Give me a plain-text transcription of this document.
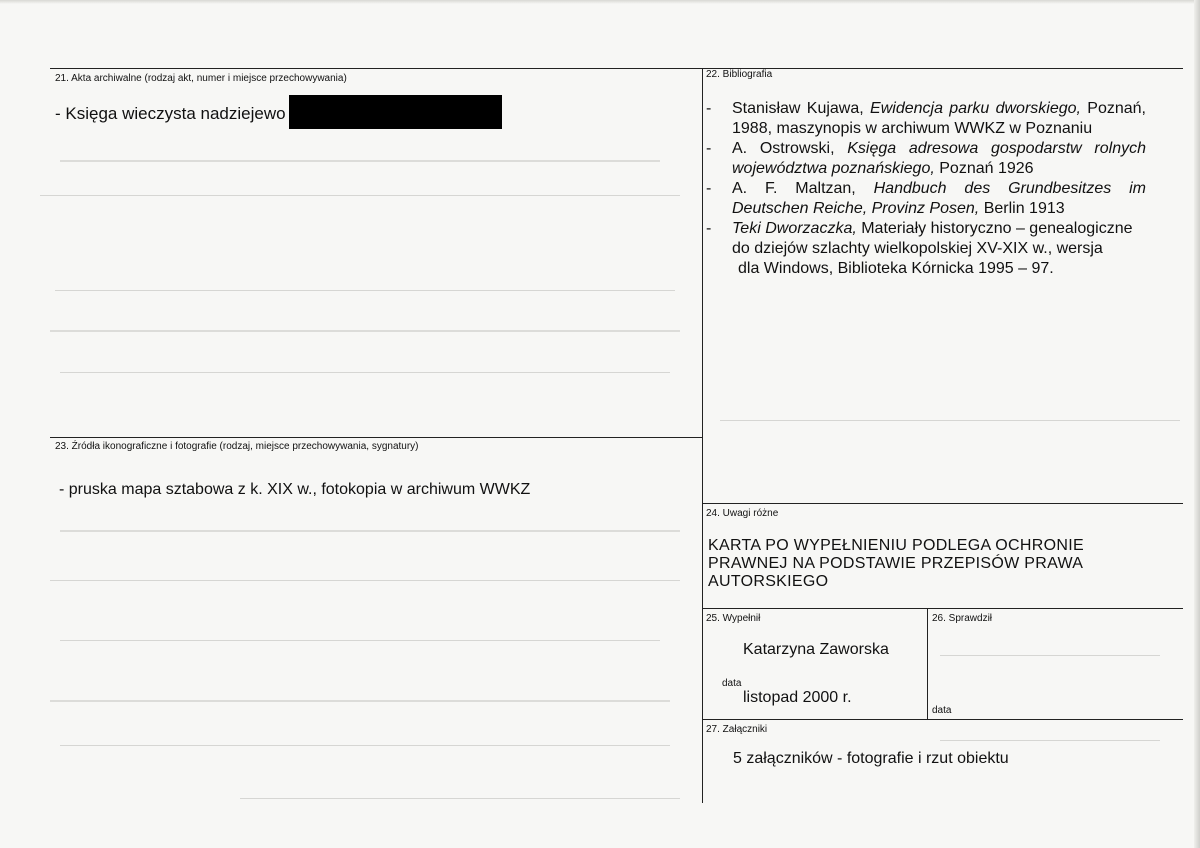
21. Akta archiwalne (rodzaj akt, numer i miejsce przechowywania)
- Księga wieczysta nadziejewo
22. Bibliografia
- Stanisław Kujawa, Ewidencja parku dworskiego, Poznań, 1988, maszynopis w archiwum WWKZ w Poznaniu
- A. Ostrowski, Księga adresowa gospodarstw rolnych województwa poznańskiego, Poznań 1926
- A. F. Maltzan, Handbuch des Grundbesitzes im Deutschen Reiche, Provinz Posen, Berlin 1913
- Teki Dworzaczka, Materiały historyczno – genealogiczne
do dziejów szlachty wielkopolskiej XV-XIX w., wersja
dla Windows, Biblioteka Kórnicka 1995 – 97.
23. Źródła ikonograficzne i fotografie (rodzaj, miejsce przechowywania, sygnatury)
- pruska mapa sztabowa z k. XIX w., fotokopia w archiwum WWKZ
24. Uwagi różne
KARTA PO WYPEŁNIENIU PODLEGA OCHRONIE PRAWNEJ NA PODSTAWIE PRZEPISÓW PRAWA AUTORSKIEGO
25. Wypełnił
Katarzyna Zaworska
data
listopad 2000 r.
26. Sprawdził
data
27. Załączniki
5 załączników - fotografie i rzut obiektu
